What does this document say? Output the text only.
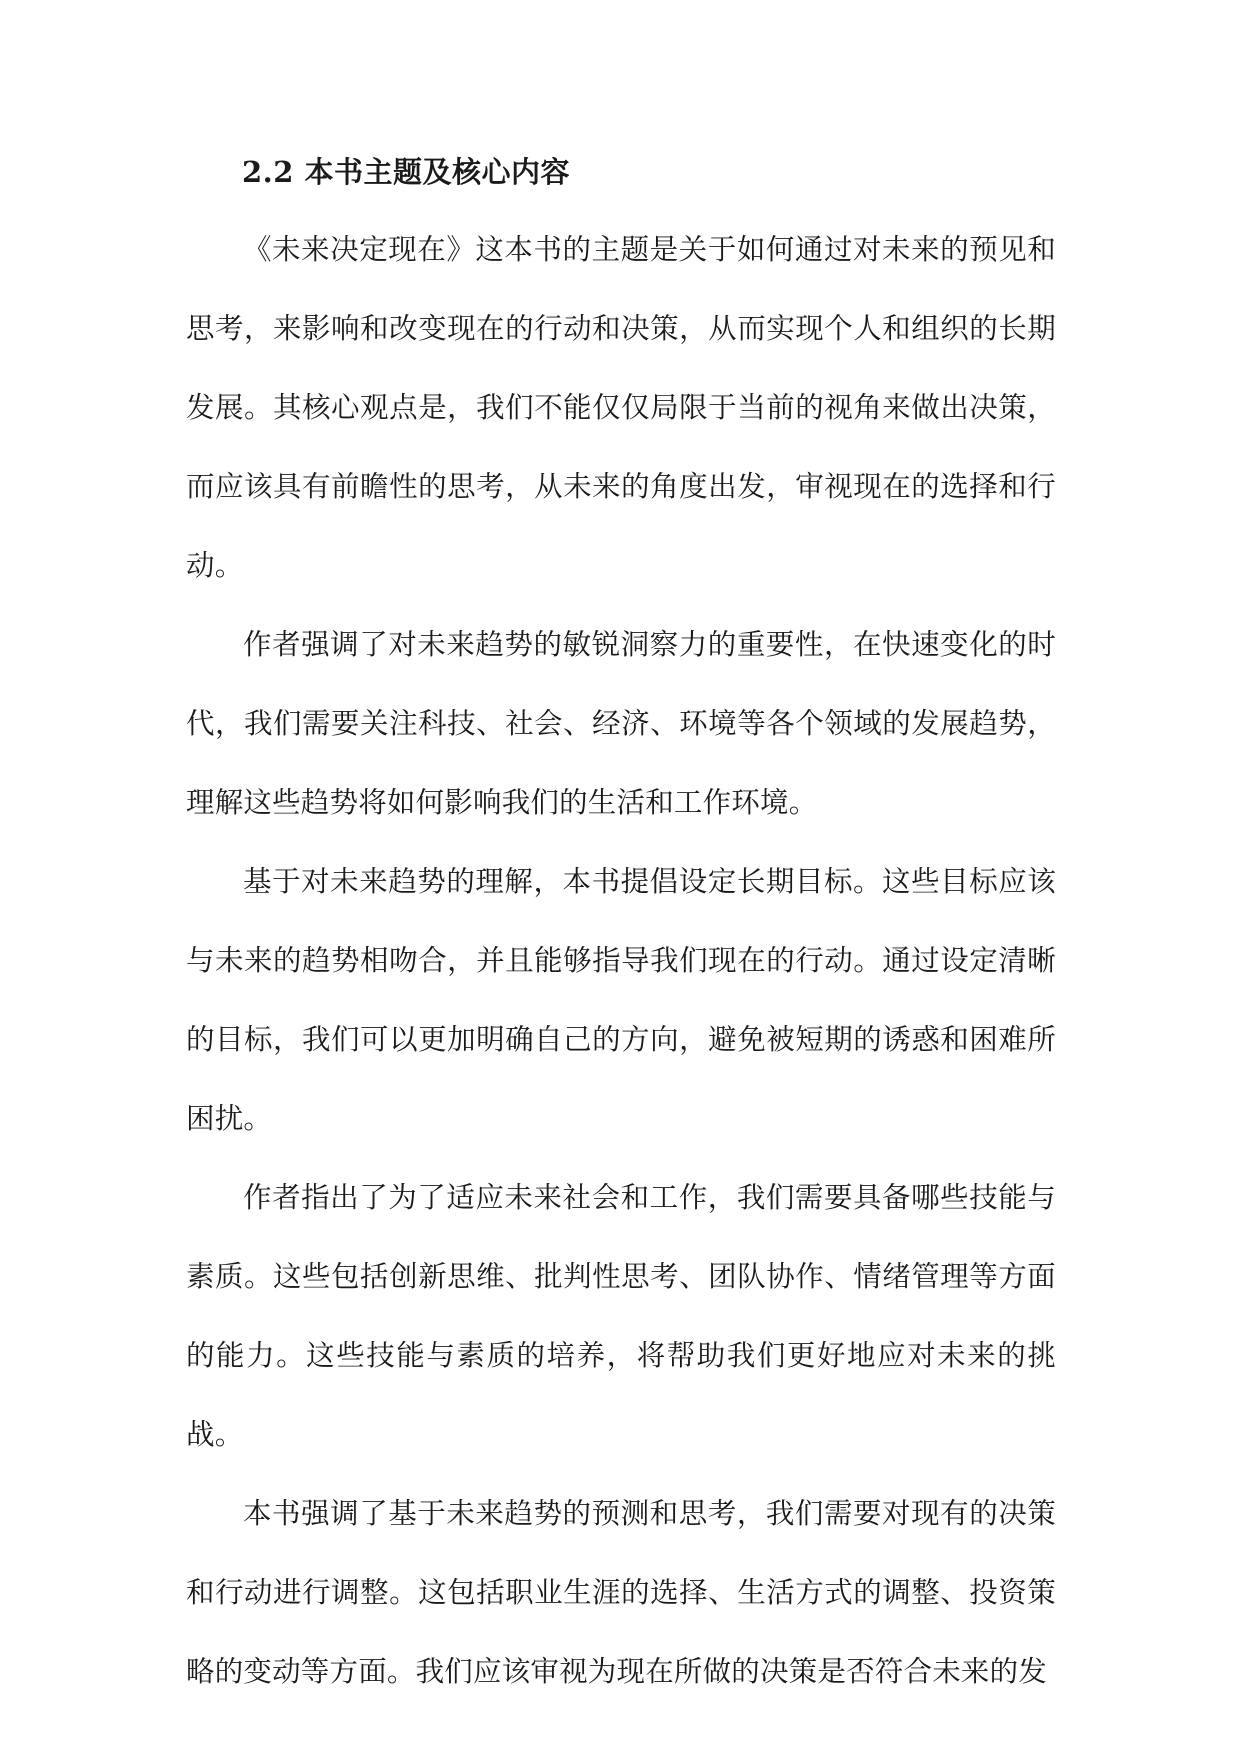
2.2 本书主题及核心内容

《未来决定现在》这本书的主题是关于如何通过对未来的预见和思考，来影响和改变现在的行动和决策，从而实现个人和组织的长期发展。其核心观点是，我们不能仅仅局限于当前的视角来做出决策，而应该具有前瞻性的思考，从未来的角度出发，审视现在的选择和行动。

作者强调了对未来趋势的敏锐洞察力的重要性，在快速变化的时代，我们需要关注科技、社会、经济、环境等各个领域的发展趋势，理解这些趋势将如何影响我们的生活和工作环境。

基于对未来趋势的理解，本书提倡设定长期目标。这些目标应该与未来的趋势相吻合，并且能够指导我们现在的行动。通过设定清晰的目标，我们可以更加明确自己的方向，避免被短期的诱惑和困难所困扰。

作者指出了为了适应未来社会和工作，我们需要具备哪些技能与素质。这些包括创新思维、批判性思考、团队协作、情绪管理等方面的能力。这些技能与素质的培养，将帮助我们更好地应对未来的挑战。

本书强调了基于未来趋势的预测和思考，我们需要对现有的决策和行动进行调整。这包括职业生涯的选择、生活方式的调整、投资策略的变动等方面。我们应该审视为现在所做的决策是否符合未来的发
